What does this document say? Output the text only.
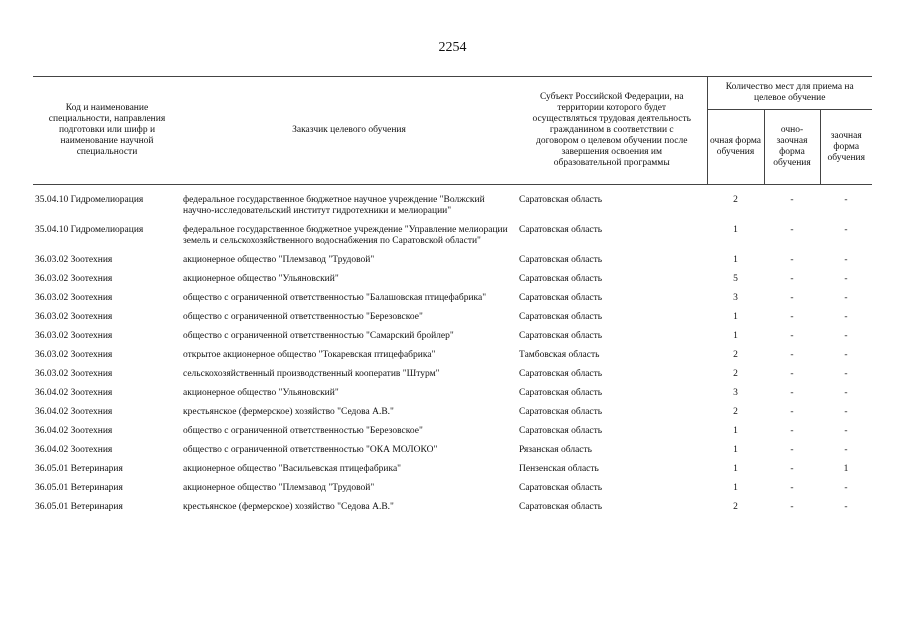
2254
Код и наименование специальности, направления подготовки или шифр и наименование научной специальности	Заказчик целевого обучения	Субъект Российской Федерации, на территории которого будет осуществляться трудовая деятельность гражданином в соответствии с договором о целевом обучении после завершения освоения им образовательной программы	Количество мест для приема на целевое обучение		
			очная форма обучения	очно-заочная форма обучения	заочная форма обучения
35.04.10 Гидромелиорация	федеральное государственное бюджетное научное учреждение "Волжский научно-исследовательский институт гидротехники и мелиорации"	Саратовская область	2	-	-
35.04.10 Гидромелиорация	федеральное государственное бюджетное учреждение "Управление мелиорации земель и сельскохозяйственного водоснабжения по Саратовской области"	Саратовская область	1	-	-
36.03.02 Зоотехния	акционерное общество "Племзавод "Трудовой"	Саратовская область	1	-	-
36.03.02 Зоотехния	акционерное общество "Ульяновский"	Саратовская область	5	-	-
36.03.02 Зоотехния	общество с ограниченной ответственностью "Балашовская птицефабрика"	Саратовская область	3	-	-
36.03.02 Зоотехния	общество с ограниченной ответственностью "Березовское"	Саратовская область	1	-	-
36.03.02 Зоотехния	общество с ограниченной ответственностью "Самарский бройлер"	Саратовская область	1	-	-
36.03.02 Зоотехния	открытое акционерное общество "Токаревская птицефабрика"	Тамбовская область	2	-	-
36.03.02 Зоотехния	сельскохозяйственный производственный кооператив "Штурм"	Саратовская область	2	-	-
36.04.02 Зоотехния	акционерное общество "Ульяновский"	Саратовская область	3	-	-
36.04.02 Зоотехния	крестьянское (фермерское) хозяйство "Седова А.В."	Саратовская область	2	-	-
36.04.02 Зоотехния	общество с ограниченной ответственностью "Березовское"	Саратовская область	1	-	-
36.04.02 Зоотехния	общество с ограниченной ответственностью "ОКА МОЛОКО"	Рязанская область	1	-	-
36.05.01 Ветеринария	акционерное общество "Васильевская птицефабрика"	Пензенская область	1	-	1
36.05.01 Ветеринария	акционерное общество "Племзавод "Трудовой"	Саратовская область	1	-	-
36.05.01 Ветеринария	крестьянское (фермерское) хозяйство "Седова А.В."	Саратовская область	2	-	-
